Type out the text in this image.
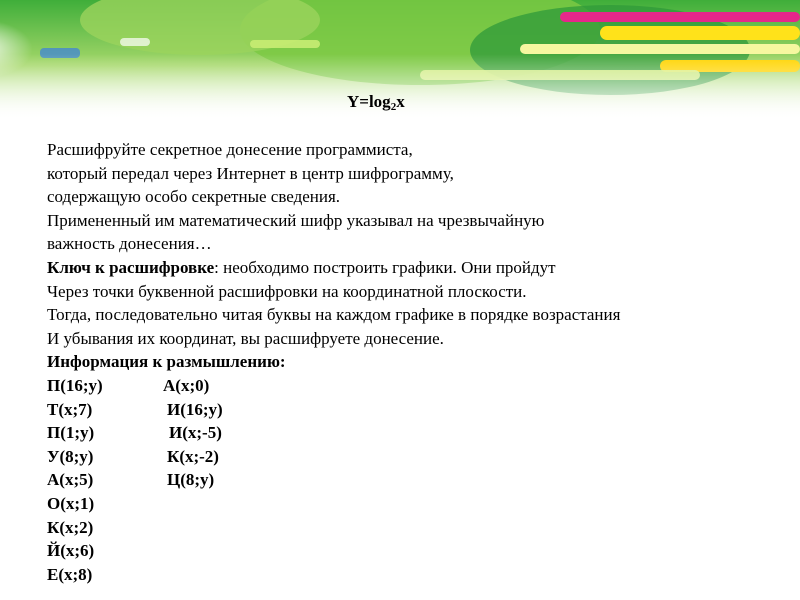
$Y=\log_2x$
Расшифруйте секретное донесение программиста,
который передал через Интернет в центр шифрограмму,
содержащую особо секретные сведения.
Примененный им математический шифр указывал на чрезвычайную
важность донесения…
Ключ к расшифровке: необходимо построить графики. Они пройдут
Через точки буквенной расшифровки на координатной плоскости.
Тогда, последовательно читая буквы на каждом графике в порядке возрастания
И убывания их координат, вы расшифруете донесение.
Информация к размышлению:
П(16;y)	А(x;0)
Т(x;7)	И(16;y)
П(1;y)	И(x;-5)
У(8;y)	К(x;-2)
А(x;5)	Ц(8;y)
О(x;1)
К(x;2)
Й(x;6)
Е(x;8)
